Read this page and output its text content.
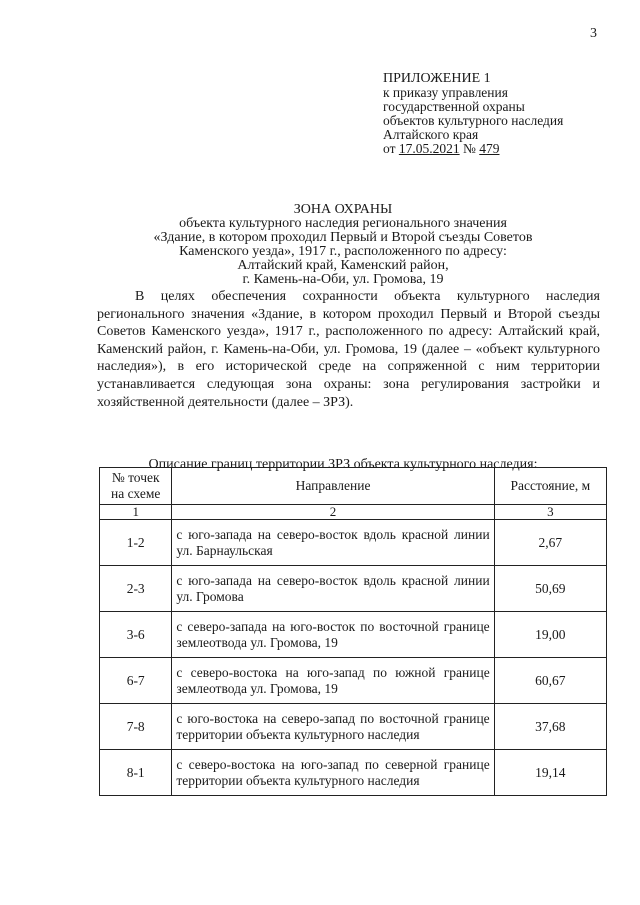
3
ПРИЛОЖЕНИЕ 1
к приказу управления
государственной охраны
объектов культурного наследия
Алтайского края
от 17.05.2021 № 479
ЗОНА ОХРАНЫ
объекта культурного наследия регионального значения
«Здание, в котором проходил Первый и Второй съезды Советов
Каменского уезда», 1917 г., расположенного по адресу:
Алтайский край, Каменский район,
г. Камень-на-Оби, ул. Громова, 19
В целях обеспечения сохранности объекта культурного наследия регионального значения «Здание, в котором проходил Первый и Второй съезды Советов Каменского уезда», 1917 г., расположенного по адресу: Алтайский край, Каменский район, г. Камень-на-Оби, ул. Громова, 19 (далее – «объект культурного наследия»), в его исторической среде на сопряженной с ним территории устанавливается следующая зона охраны: зона регулирования застройки и хозяйственной деятельности (далее – ЗРЗ).
Описание границ территории ЗРЗ объекта культурного наследия:
№ точек на схеме	Направление	Расстояние, м
1	2	3
1-2	с юго-запада на северо-восток вдоль красной линии ул. Барнаульская	2,67
2-3	с юго-запада на северо-восток вдоль красной линии ул. Громова	50,69
3-6	с северо-запада на юго-восток по восточной границе землеотвода ул. Громова, 19	19,00
6-7	с северо-востока на юго-запад по южной границе землеотвода ул. Громова, 19	60,67
7-8	с юго-востока на северо-запад по восточной границе территории объекта культурного наследия	37,68
8-1	с северо-востока на юго-запад по северной границе территории объекта культурного наследия	19,14
